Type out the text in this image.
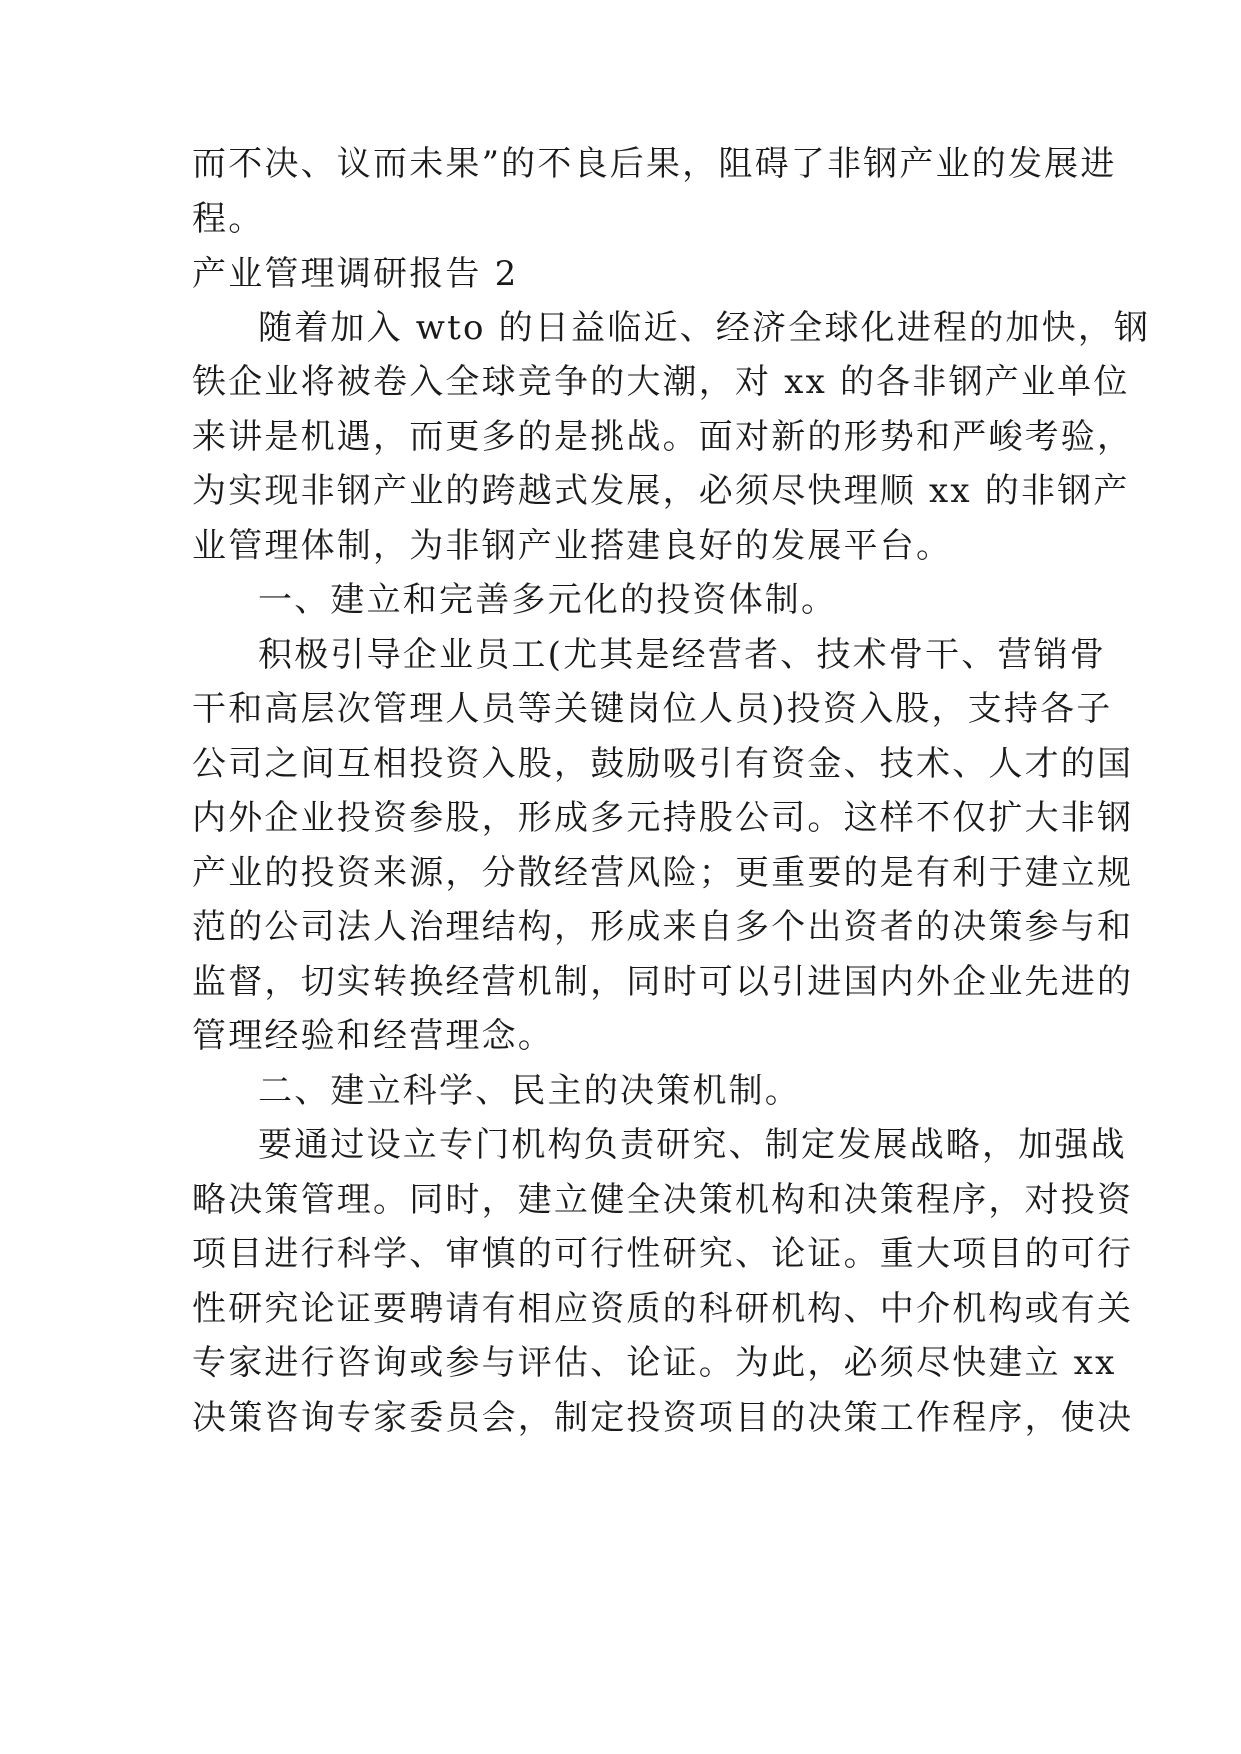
而不决、议而未果”的不良后果，阻碍了非钢产业的发展进
程。
产业管理调研报告 2
随着加入 wto 的日益临近、经济全球化进程的加快，钢
铁企业将被卷入全球竞争的大潮，对 xx 的各非钢产业单位
来讲是机遇，而更多的是挑战。面对新的形势和严峻考验，
为实现非钢产业的跨越式发展，必须尽快理顺 xx 的非钢产
业管理体制，为非钢产业搭建良好的发展平台。
一、建立和完善多元化的投资体制。
积极引导企业员工(尤其是经营者、技术骨干、营销骨
干和高层次管理人员等关键岗位人员)投资入股，支持各子
公司之间互相投资入股，鼓励吸引有资金、技术、人才的国
内外企业投资参股，形成多元持股公司。这样不仅扩大非钢
产业的投资来源，分散经营风险；更重要的是有利于建立规
范的公司法人治理结构，形成来自多个出资者的决策参与和
监督，切实转换经营机制，同时可以引进国内外企业先进的
管理经验和经营理念。
二、建立科学、民主的决策机制。
要通过设立专门机构负责研究、制定发展战略，加强战
略决策管理。同时，建立健全决策机构和决策程序，对投资
项目进行科学、审慎的可行性研究、论证。重大项目的可行
性研究论证要聘请有相应资质的科研机构、中介机构或有关
专家进行咨询或参与评估、论证。为此，必须尽快建立 xx
决策咨询专家委员会，制定投资项目的决策工作程序，使决
